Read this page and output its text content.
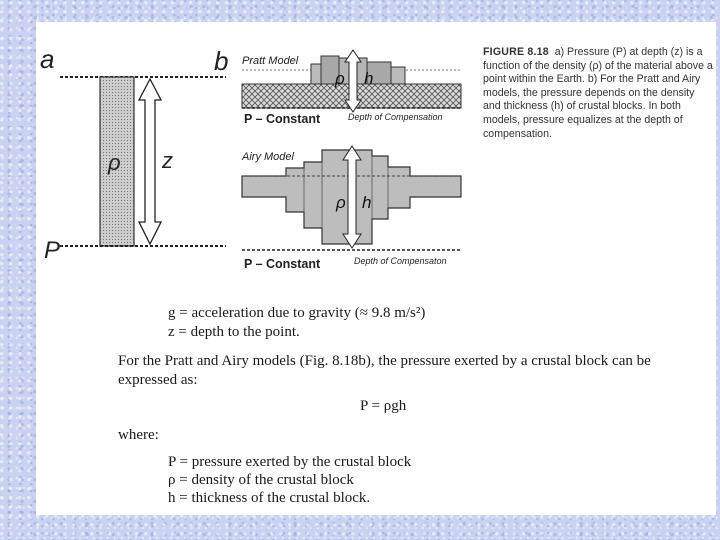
a
ρ z
P
b Pratt Model
ρ h
P – Constant	Depth of Compensation
Airy Model
ρ h
P – Constant	Depth of Compensaton
FIGURE 8.18 a) Pressure (P) at depth (z) is a function of the density (ρ) of the material above a point within the Earth. b) For the Pratt and Airy models, the pressure depends on the density and thickness (h) of crustal blocks. In both models, pressure equalizes at the depth of compensation.
g = acceleration due to gravity (≈ 9.8 m/s²)
z = depth to the point.
For the Pratt and Airy models (Fig. 8.18b), the pressure exerted by a crustal block can be expressed as:
P = ρgh
where:
P = pressure exerted by the crustal block
ρ = density of the crustal block
h = thickness of the crustal block.
